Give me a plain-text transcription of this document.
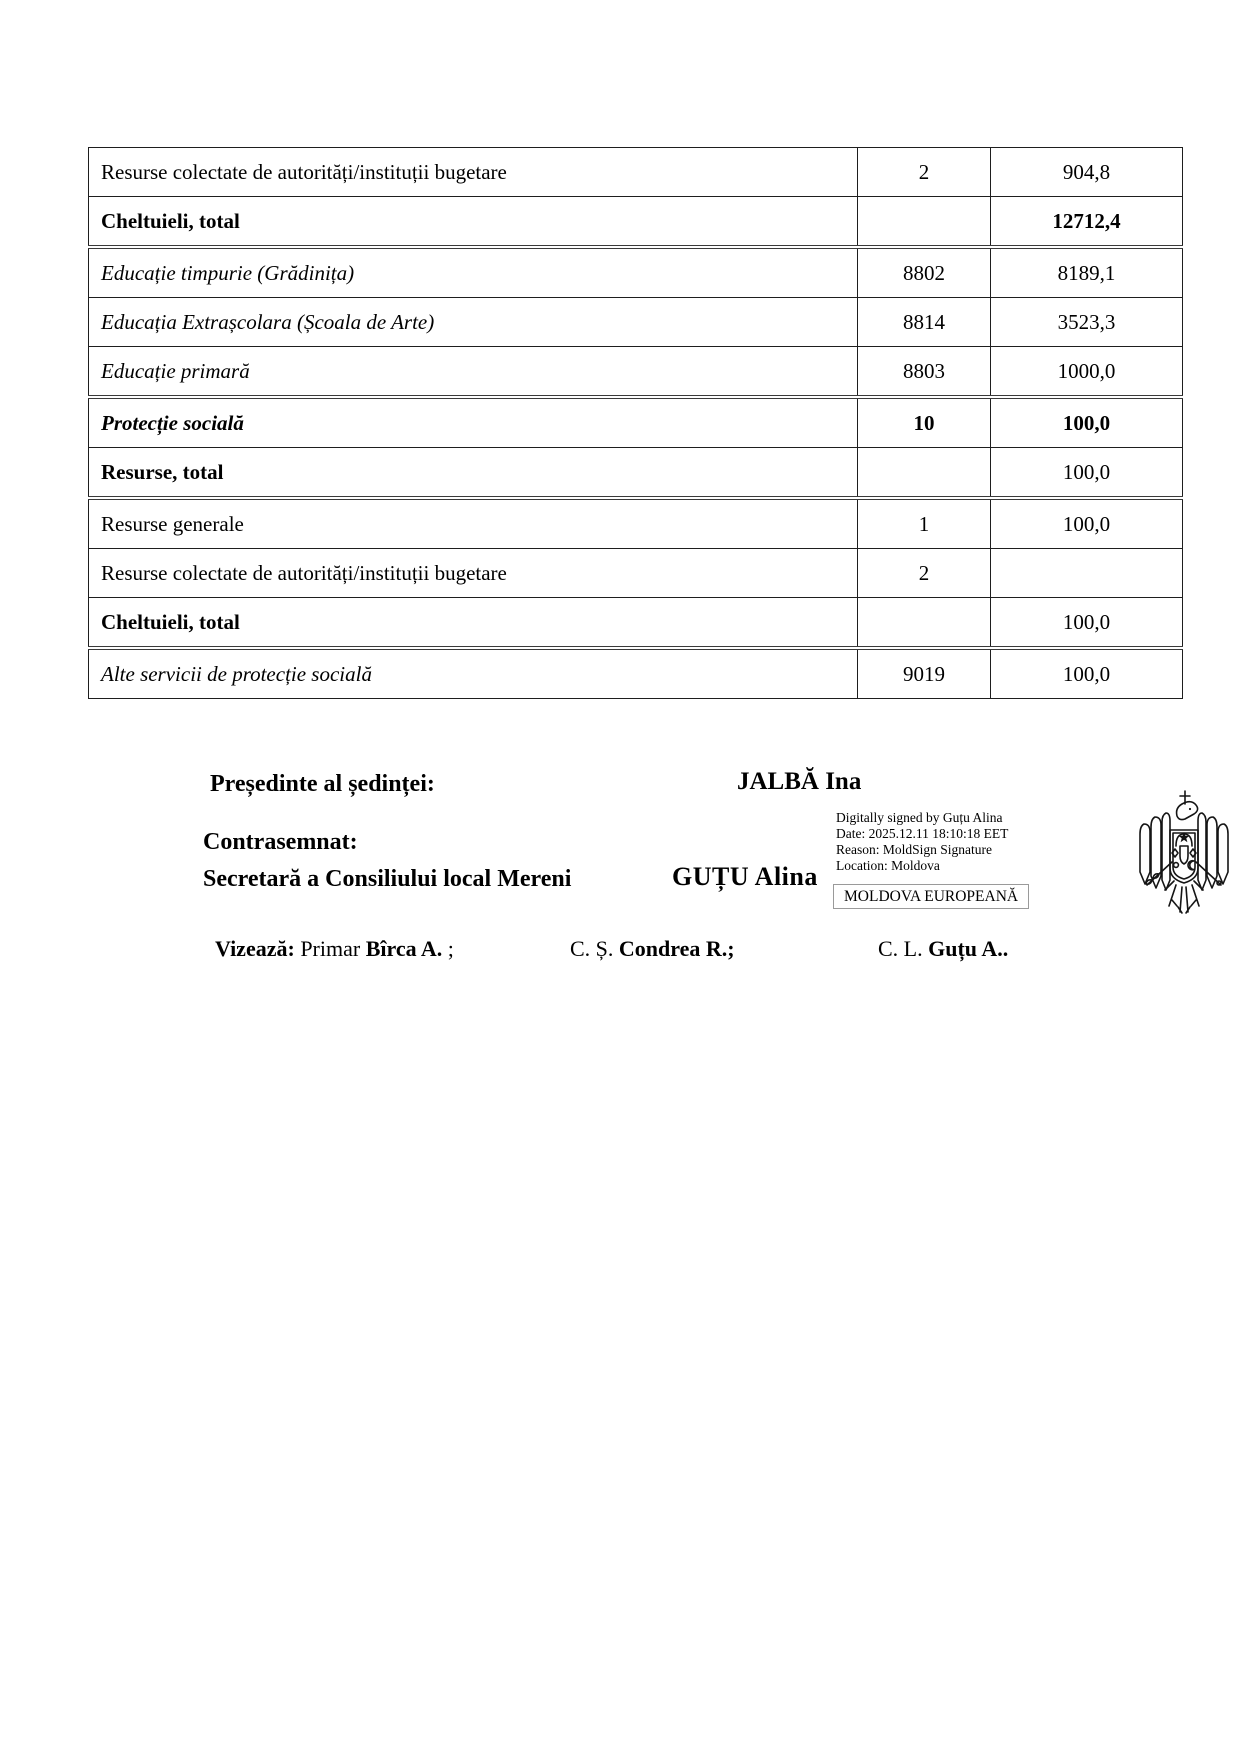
Resurse colectate de autorități/instituții bugetare	2	904,8
Cheltuieli, total		12712,4
Educație timpurie (Grădinița)	8802	8189,1
Educația Extrașcolara (Școala de Arte)	8814	3523,3
Educație primară	8803	1000,0
Protecție socială	10	100,0
Resurse, total		100,0
Resurse generale	1	100,0
Resurse colectate de autorități/instituții bugetare	2	
Cheltuieli, total		100,0
Alte servicii de protecție socială	9019	100,0
Președinte al ședinței:	JALBĂ Ina
Contrasemnat:
Secretară a Consiliului local Mereni	GUȚU Alina
Digitally signed by Guțu Alina
Date: 2025.12.11 18:10:18 EET
Reason: MoldSign Signature
Location: Moldova
MOLDOVA EUROPEANĂ
Vizează: Primar Bîrca A. ;	C. Ș. Condrea R.;	C. L. Guțu A..
